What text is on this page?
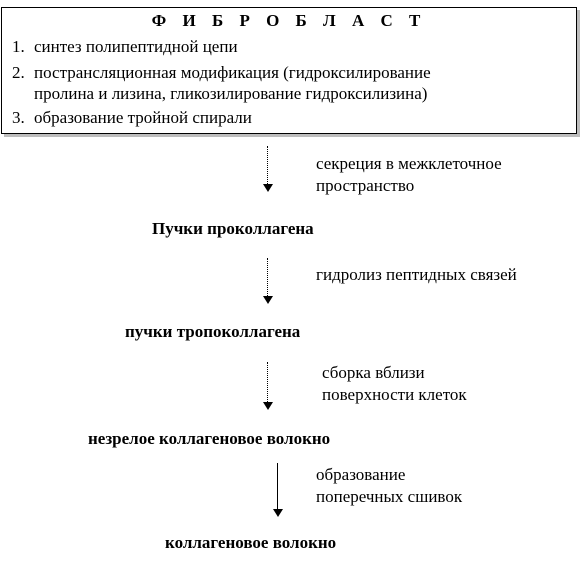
Ф И Б Р О Б Л А С Т
1. синтез полипептидной цепи
2. пострансляционная модификация (гидроксилирование
пролина и лизина, гликозилирование гидроксилизина)
3. образование тройной спирали
секреция в межклеточное
пространство
Пучки проколлагена
гидролиз пептидных связей
пучки тропоколлагена
сборка вблизи
поверхности клеток
незрелое коллагеновое волокно
образование
поперечных сшивок
коллагеновое волокно
